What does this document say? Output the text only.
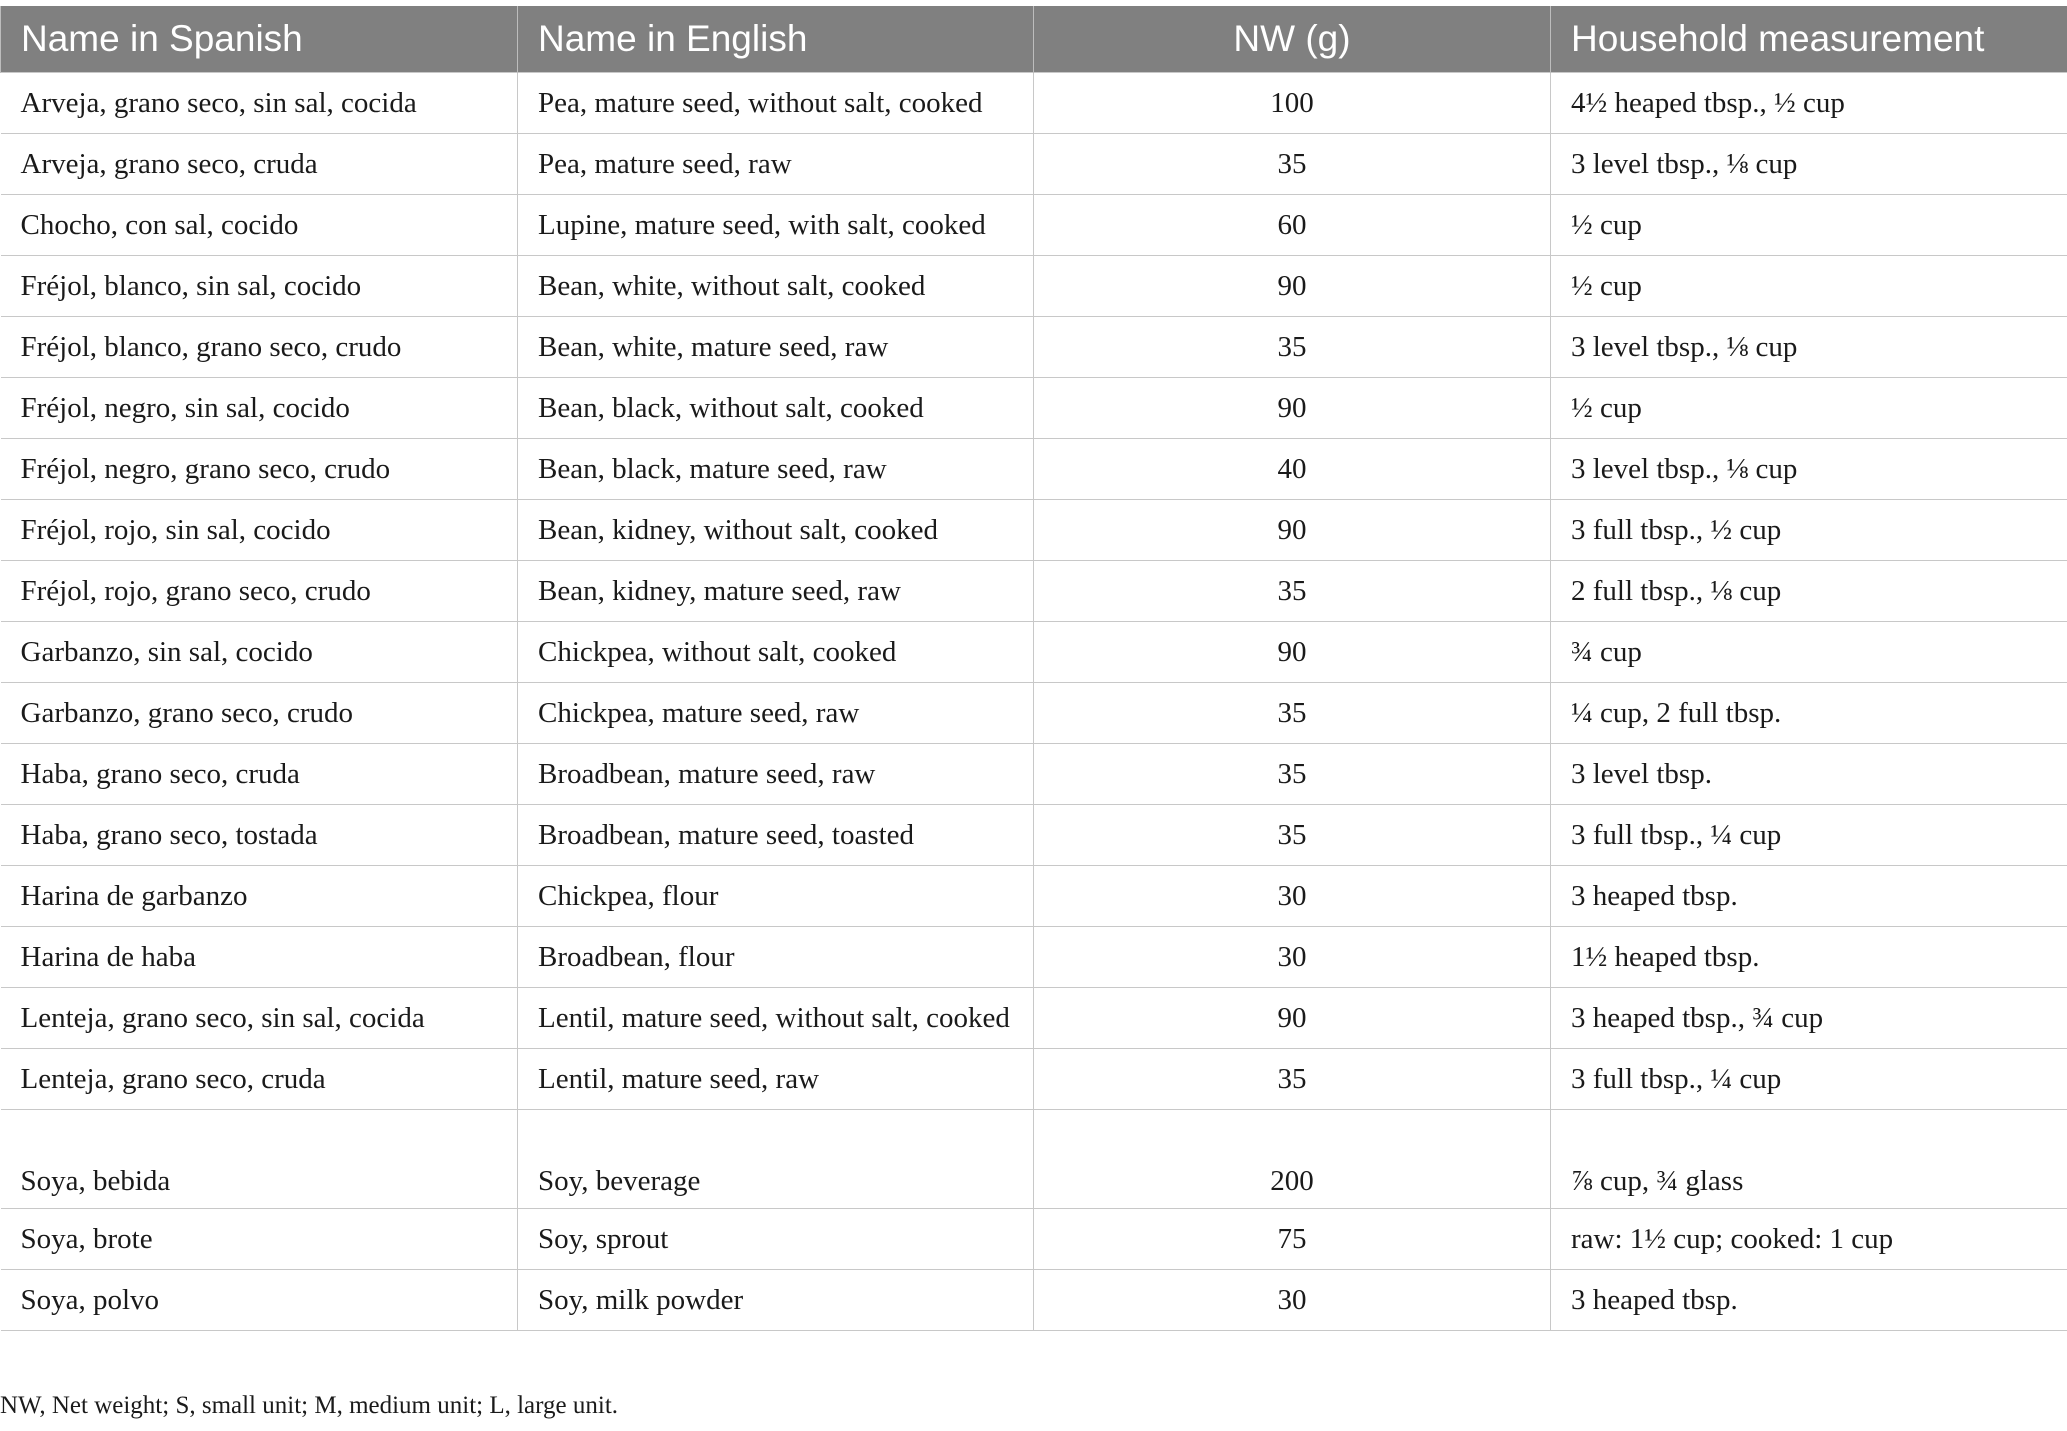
Name in Spanish	Name in English	NW (g)	Household measurement
Arveja, grano seco, sin sal, cocida	Pea, mature seed, without salt, cooked	100	4½ heaped tbsp., ½ cup
Arveja, grano seco, cruda	Pea, mature seed, raw	35	3 level tbsp., ⅛ cup
Chocho, con sal, cocido	Lupine, mature seed, with salt, cooked	60	½ cup
Fréjol, blanco, sin sal, cocido	Bean, white, without salt, cooked	90	½ cup
Fréjol, blanco, grano seco, crudo	Bean, white, mature seed, raw	35	3 level tbsp., ⅛ cup
Fréjol, negro, sin sal, cocido	Bean, black, without salt, cooked	90	½ cup
Fréjol, negro, grano seco, crudo	Bean, black, mature seed, raw	40	3 level tbsp., ⅛ cup
Fréjol, rojo, sin sal, cocido	Bean, kidney, without salt, cooked	90	3 full tbsp., ½ cup
Fréjol, rojo, grano seco, crudo	Bean, kidney, mature seed, raw	35	2 full tbsp., ⅛ cup
Garbanzo, sin sal, cocido	Chickpea, without salt, cooked	90	¾ cup
Garbanzo, grano seco, crudo	Chickpea, mature seed, raw	35	¼ cup, 2 full tbsp.
Haba, grano seco, cruda	Broadbean, mature seed, raw	35	3 level tbsp.
Haba, grano seco, tostada	Broadbean, mature seed, toasted	35	3 full tbsp., ¼ cup
Harina de garbanzo	Chickpea, flour	30	3 heaped tbsp.
Harina de haba	Broadbean, flour	30	1½ heaped tbsp.
Lenteja, grano seco, sin sal, cocida	Lentil, mature seed, without salt, cooked	90	3 heaped tbsp., ¾ cup
Lenteja, grano seco, cruda	Lentil, mature seed, raw	35	3 full tbsp., ¼ cup
Soya, bebida	Soy, beverage	200	⅞ cup, ¾ glass
Soya, brote	Soy, sprout	75	raw: 1½ cup; cooked: 1 cup
Soya, polvo	Soy, milk powder	30	3 heaped tbsp.
NW, Net weight; S, small unit; M, medium unit; L, large unit.
